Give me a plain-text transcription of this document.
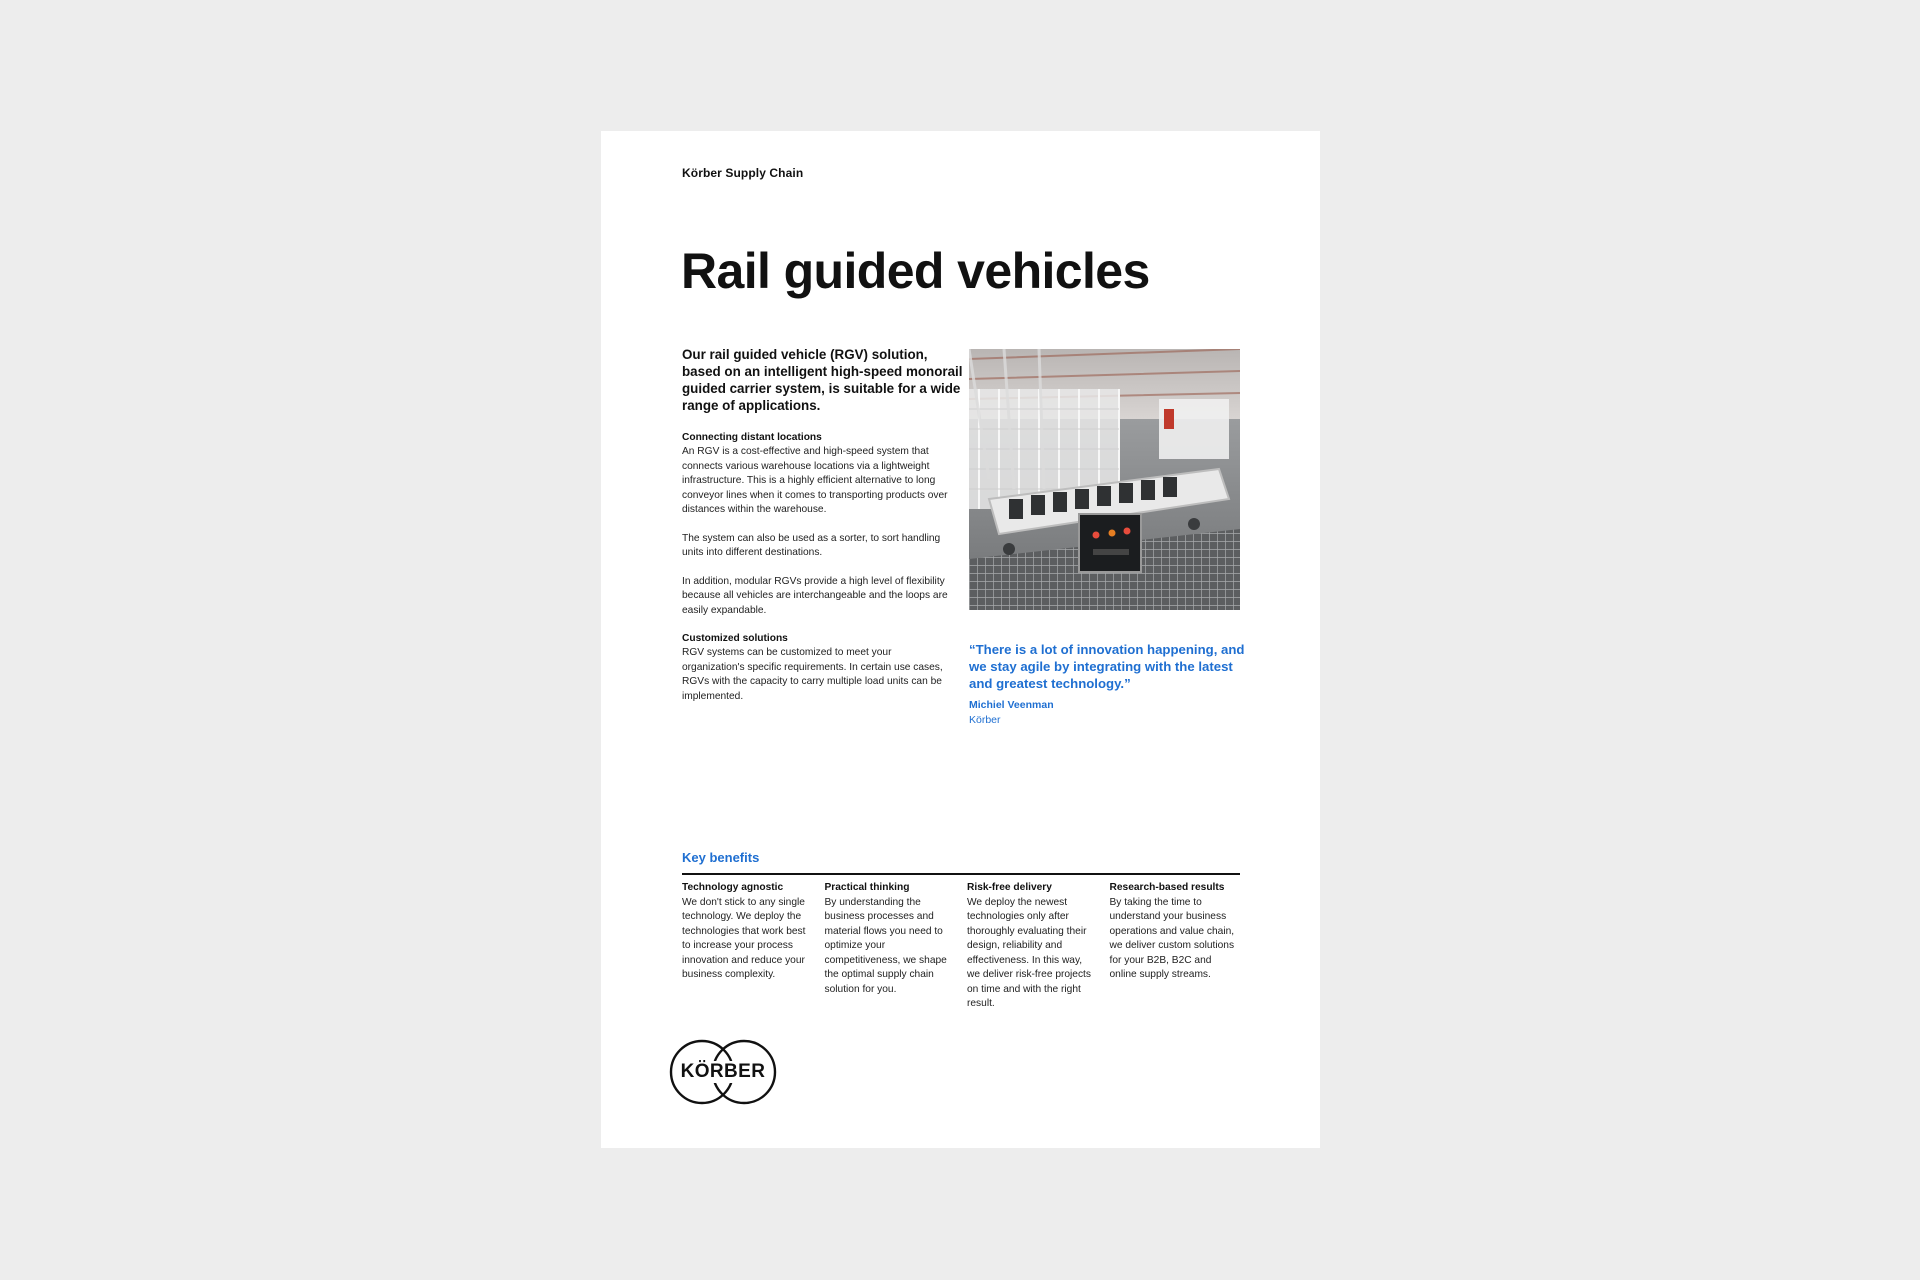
Körber Supply Chain
Rail guided vehicles

Our rail guided vehicle (RGV) solution, based on an intelligent high-speed monorail guided carrier system, is suitable for a wide range of applications.

Connecting distant locations

An RGV is a cost-effective and high-speed system that connects various warehouse locations via a lightweight infrastructure. This is a highly efficient alternative to long conveyor lines when it comes to transporting products over distances within the warehouse.

The system can also be used as a sorter, to sort handling units into different destinations.

In addition, modular RGVs provide a high level of flexibility because all vehicles are interchangeable and the loops are easily expandable.

Customized solutions

RGV systems can be customized to meet your organization's specific requirements. In certain use cases, RGVs with the capacity to carry multiple load units can be implemented.

“There is a lot of innovation happening, and we stay agile by integrating with the latest and greatest technology.”

Michiel Veenman
Körber
Key benefits
Technology agnostic

We don't stick to any single technology. We deploy the technologies that work best to increase your process innovation and reduce your business complexity.

Practical thinking

By understanding the business processes and material flows you need to optimize your competitiveness, we shape the optimal supply chain solution for you.

Risk-free delivery

We deploy the newest technologies only after thoroughly evaluating their design, reliability and effectiveness. In this way, we deliver risk-free projects on time and with the right result.

Research-based results

By taking the time to understand your business operations and value chain, we deliver custom solutions for your B2B, B2C and online supply streams.

KÖRBER
